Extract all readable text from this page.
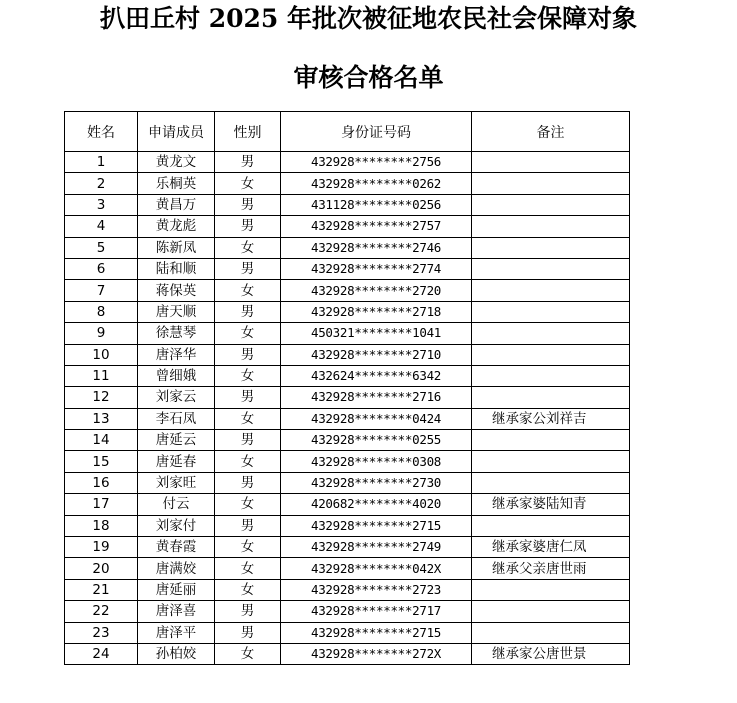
扒田丘村 2025 年批次被征地农民社会保障对象
审核合格名单
姓名	申请成员	性别	身份证号码	备注
1	黄龙文	男	432928********2756	
2	乐桐英	女	432928********0262	
3	黄昌万	男	431128********0256	
4	黄龙彪	男	432928********2757	
5	陈新凤	女	432928********2746	
6	陆和顺	男	432928********2774	
7	蒋保英	女	432928********2720	
8	唐天顺	男	432928********2718	
9	徐慧琴	女	450321********1041	
10	唐泽华	男	432928********2710	
11	曾细娥	女	432624********6342	
12	刘家云	男	432928********2716	
13	李石凤	女	432928********0424	继承家公刘祥吉
14	唐延云	男	432928********0255	
15	唐延春	女	432928********0308	
16	刘家旺	男	432928********2730	
17	付云	女	420682********4020	继承家婆陆知青
18	刘家付	男	432928********2715	
19	黄春霞	女	432928********2749	继承家婆唐仁凤
20	唐满姣	女	432928********042X	继承父亲唐世雨
21	唐延丽	女	432928********2723	
22	唐泽喜	男	432928********2717	
23	唐泽平	男	432928********2715	
24	孙柏姣	女	432928********272X	继承家公唐世景
